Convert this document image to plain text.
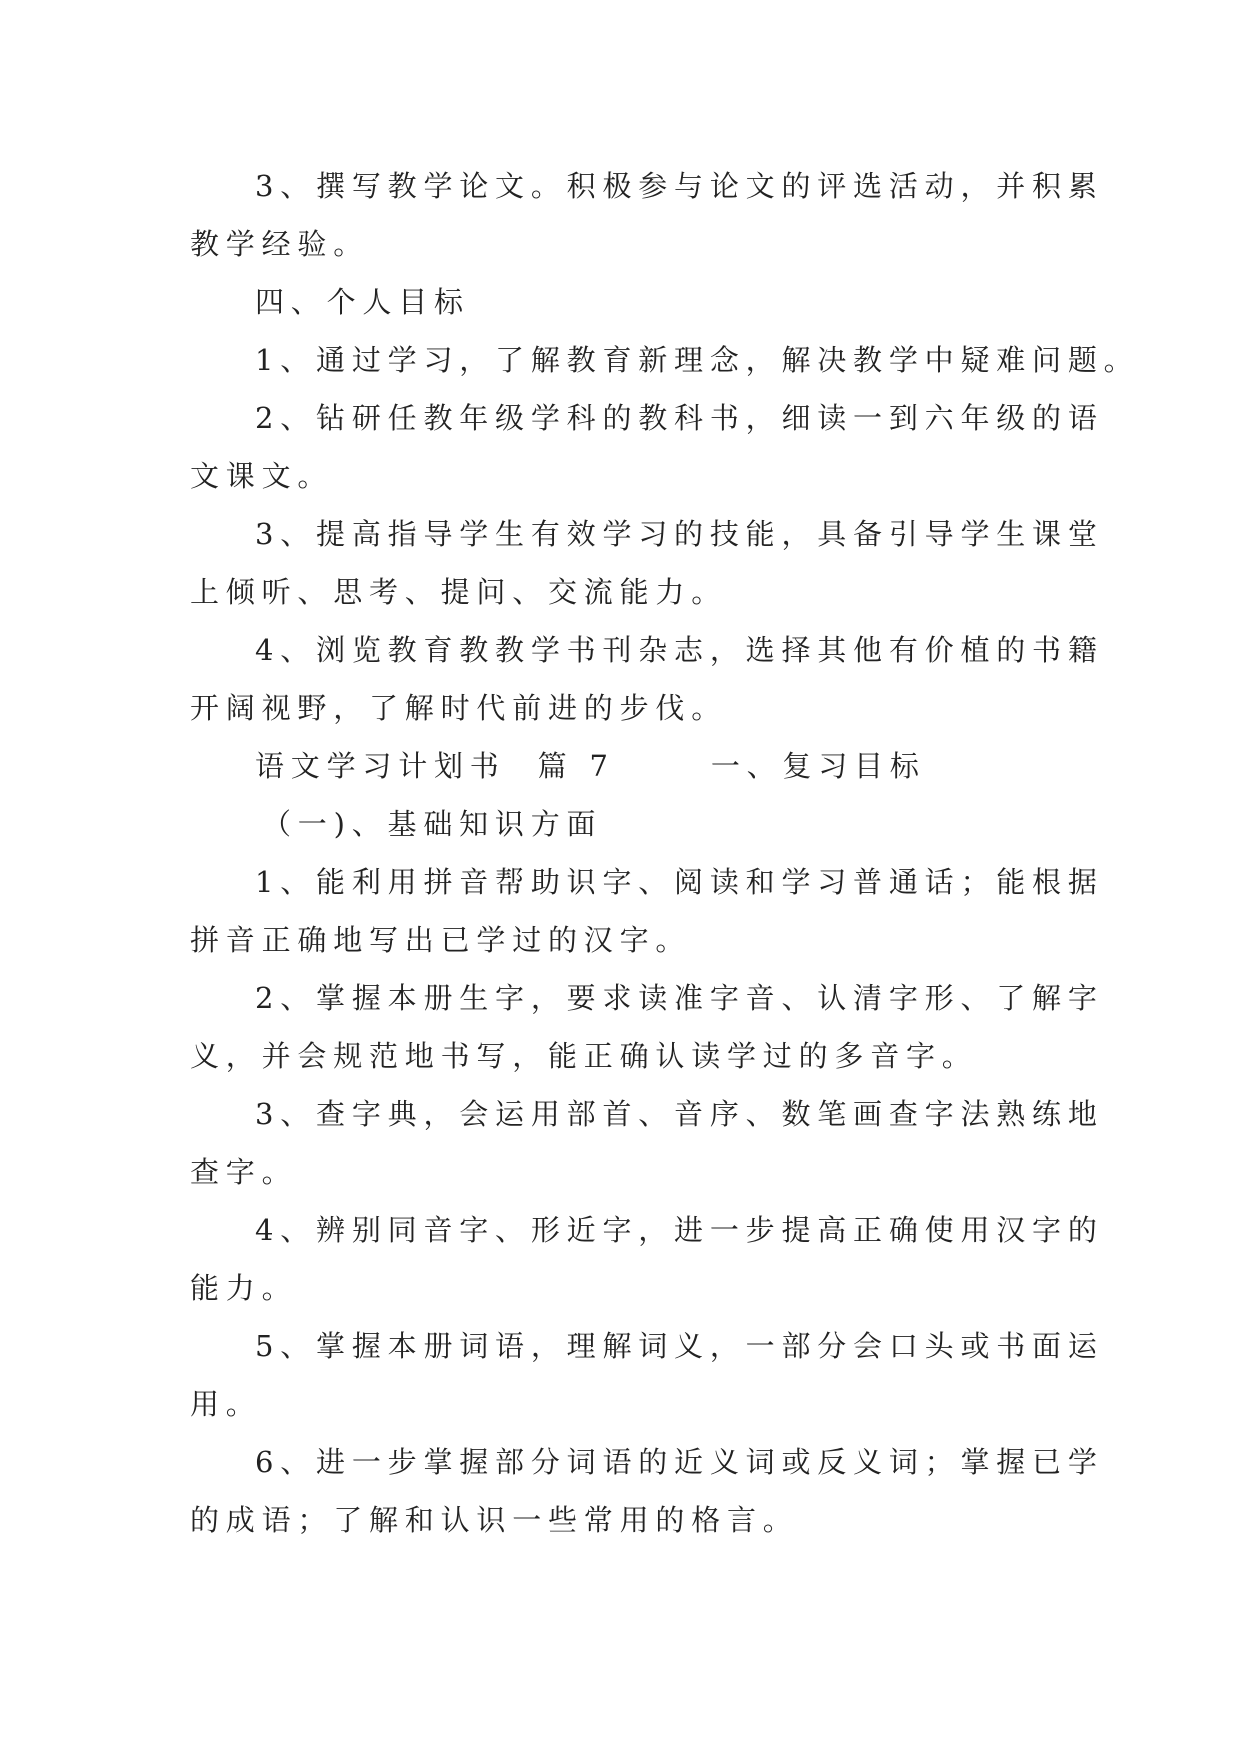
3、撰写教学论文。积极参与论文的评选活动，并积累

教学经验。

四、个人目标

1、通过学习，了解教育新理念，解决教学中疑难问题。

2、钻研任教年级学科的教科书，细读一到六年级的语

文课文。

3、提高指导学生有效学习的技能，具备引导学生课堂

上倾听、思考、提问、交流能力。

4、浏览教育教教学书刊杂志，选择其他有价植的书籍

开阔视野，了解时代前进的步伐。

语文学习计划书  篇 7      一、复习目标

（一)、基础知识方面

1、能利用拼音帮助识字、阅读和学习普通话；能根据

拼音正确地写出已学过的汉字。

2、掌握本册生字，要求读准字音、认清字形、了解字

义，并会规范地书写，能正确认读学过的多音字。

3、查字典，会运用部首、音序、数笔画查字法熟练地

查字。

4、辨别同音字、形近字，进一步提高正确使用汉字的

能力。

5、掌握本册词语，理解词义，一部分会口头或书面运

用。

6、进一步掌握部分词语的近义词或反义词；掌握已学

的成语；了解和认识一些常用的格言。
